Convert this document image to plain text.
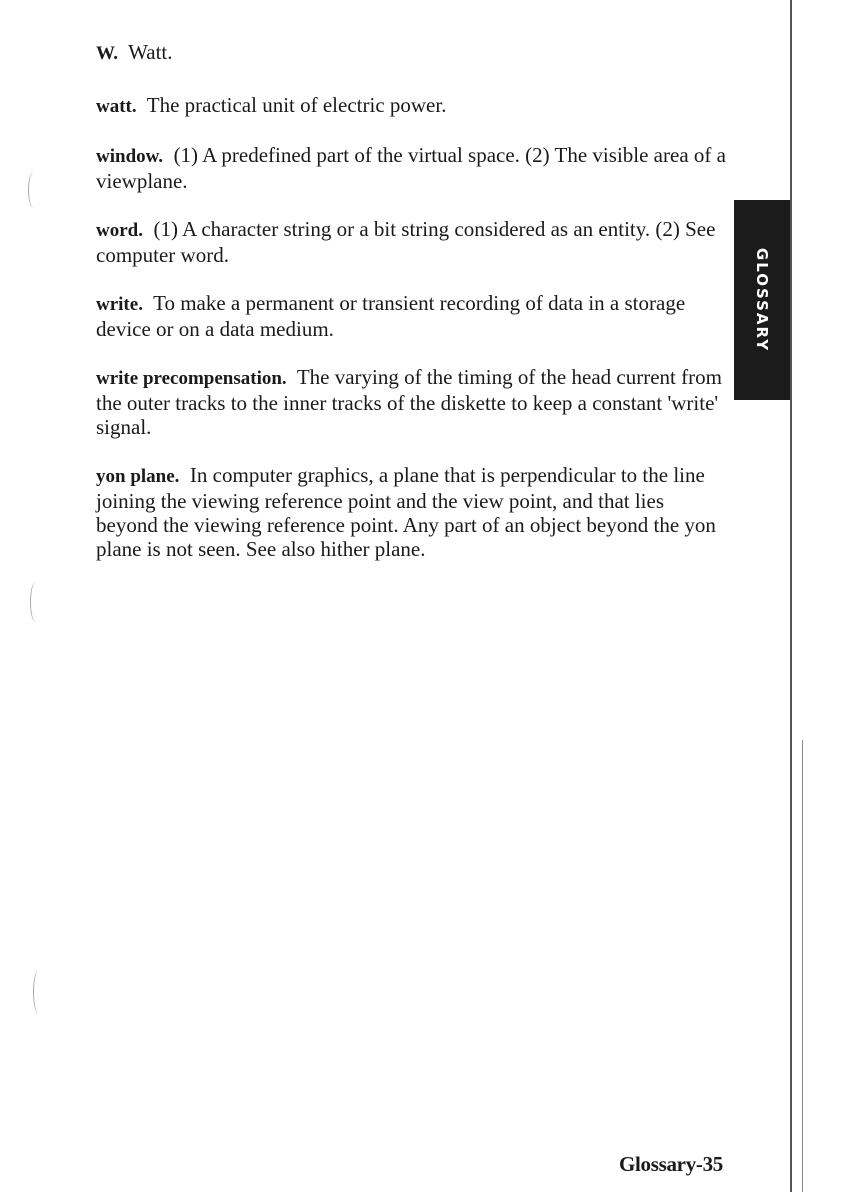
GLOSSARY

W. Watt.

watt. The practical unit of electric power.

window. (1) A predefined part of the virtual space. (2) The visible area of a viewplane.

word. (1) A character string or a bit string considered as an entity. (2) See computer word.

write. To make a permanent or transient recording of data in a storage device or on a data medium.

write precompensation. The varying of the timing of the head current from the outer tracks to the inner tracks of the diskette to keep a constant 'write' signal.

yon plane. In computer graphics, a plane that is perpendicular to the line joining the viewing reference point and the view point, and that lies beyond the viewing reference point. Any part of an object beyond the yon plane is not seen. See also hither plane.

Glossary-35
